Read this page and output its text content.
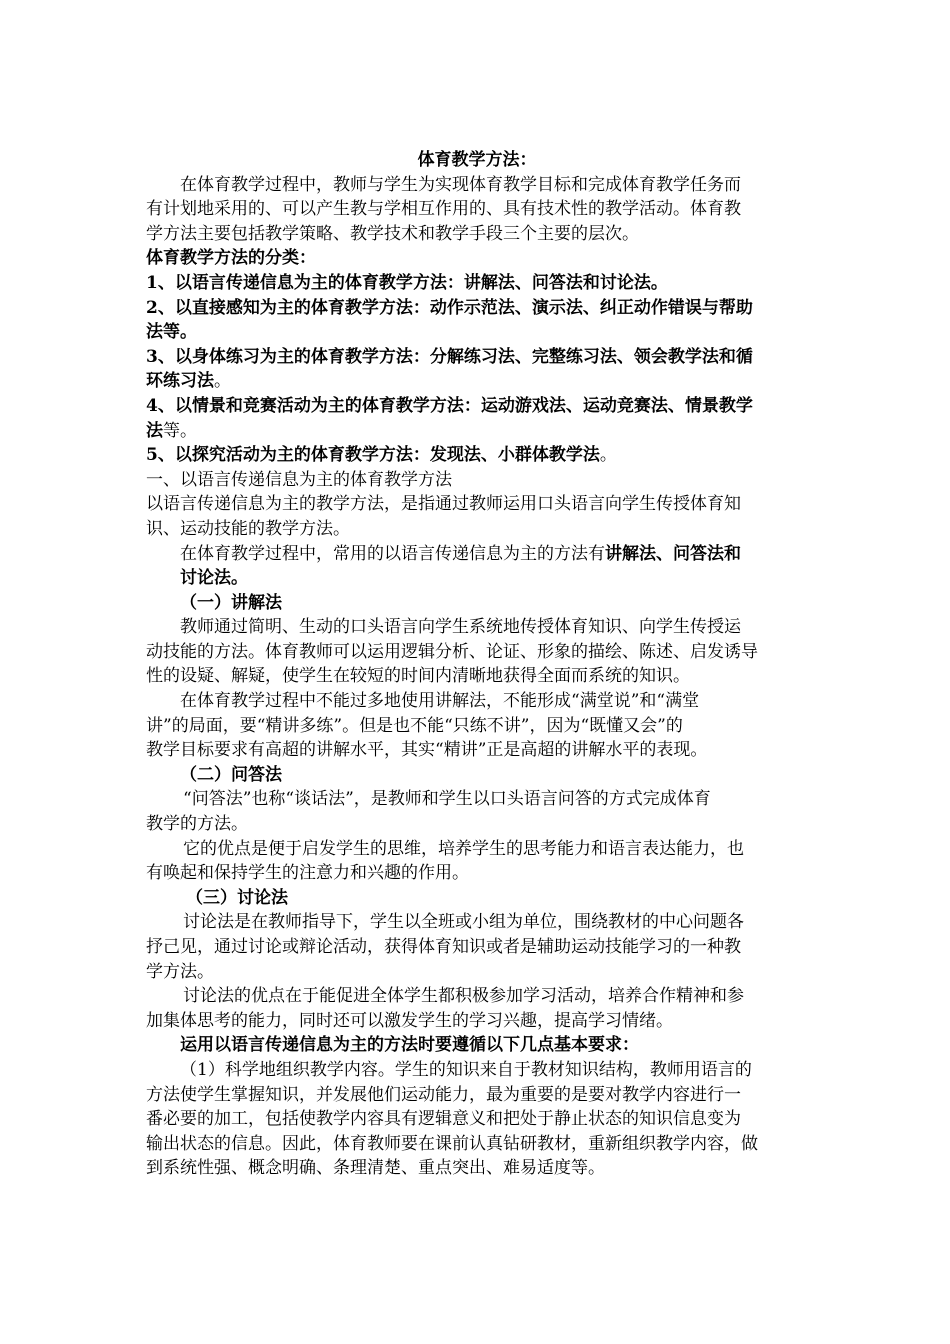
体育教学方法：
在体育教学过程中，教师与学生为实现体育教学目标和完成体育教学任务而
有计划地采用的、可以产生教与学相互作用的、具有技术性的教学活动。体育教
学方法主要包括教学策略、教学技术和教学手段三个主要的层次。
体育教学方法的分类：
1、以语言传递信息为主的体育教学方法：讲解法、问答法和讨论法。
2、以直接感知为主的体育教学方法：动作示范法、演示法、纠正动作错误与帮助
法等。
3、以身体练习为主的体育教学方法：分解练习法、完整练习法、领会教学法和循
环练习法。
4、以情景和竞赛活动为主的体育教学方法：运动游戏法、运动竞赛法、情景教学
法等。
5、以探究活动为主的体育教学方法：发现法、小群体教学法。
一、以语言传递信息为主的体育教学方法
以语言传递信息为主的教学方法，是指通过教师运用口头语言向学生传授体育知
识、运动技能的教学方法。
在体育教学过程中，常用的以语言传递信息为主的方法有讲解法、问答法和
讨论法。
（一）讲解法
教师通过简明、生动的口头语言向学生系统地传授体育知识、向学生传授运
动技能的方法。体育教师可以运用逻辑分析、论证、形象的描绘、陈述、启发诱导
性的设疑、解疑，使学生在较短的时间内清晰地获得全面而系统的知识。
在体育教学过程中不能过多地使用讲解法，不能形成“满堂说”和“满堂
讲”的局面，要“精讲多练”。但是也不能“只练不讲”，因为“既懂又会”的
教学目标要求有高超的讲解水平，其实“精讲”正是高超的讲解水平的表现。
（二）问答法
“问答法”也称“谈话法”，是教师和学生以口头语言问答的方式完成体育
教学的方法。
它的优点是便于启发学生的思维，培养学生的思考能力和语言表达能力，也
有唤起和保持学生的注意力和兴趣的作用。
（三）讨论法
讨论法是在教师指导下，学生以全班或小组为单位，围绕教材的中心问题各
抒己见，通过讨论或辩论活动，获得体育知识或者是辅助运动技能学习的一种教
学方法。
讨论法的优点在于能促进全体学生都积极参加学习活动，培养合作精神和参
加集体思考的能力，同时还可以激发学生的学习兴趣，提高学习情绪。
运用以语言传递信息为主的方法时要遵循以下几点基本要求：
（1）科学地组织教学内容。学生的知识来自于教材知识结构，教师用语言的
方法使学生掌握知识，并发展他们运动能力，最为重要的是要对教学内容进行一
番必要的加工，包括使教学内容具有逻辑意义和把处于静止状态的知识信息变为
输出状态的信息。因此，体育教师要在课前认真钻研教材，重新组织教学内容，做
到系统性强、概念明确、条理清楚、重点突出、难易适度等。
